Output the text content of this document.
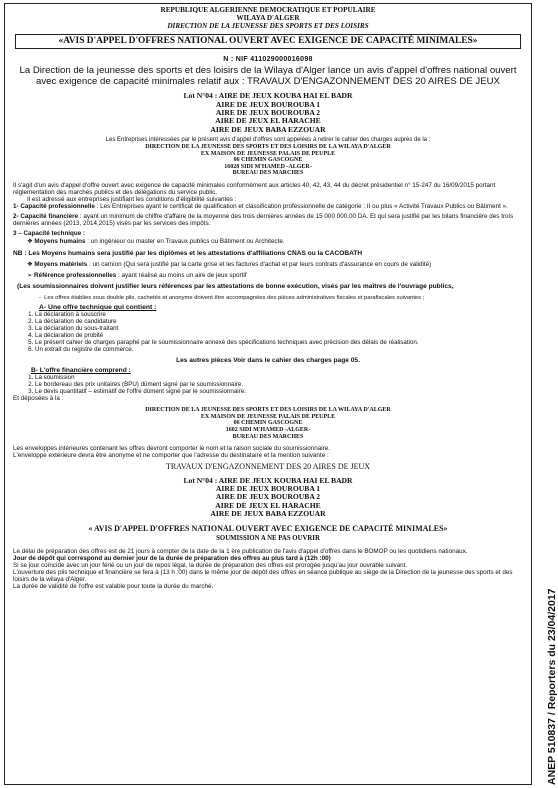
REPUBLIQUE ALGERIENNE DEMOCRATIQUE ET POPULAIRE
WILAYA D'ALGER
DIRECTION DE LA JEUNESSE DES SPORTS ET DES LOISIRS
«AVIS D'APPEL D'OFFRES NATIONAL OUVERT AVEC EXIGENCE DE CAPACITÉ MINIMALES»
N : NIF 411029000016098
La Direction de la jeunesse des sports et des loisirs de la Wilaya d'Alger lance un avis d'appel d'offres national ouvert avec exigence de capacité minimales relatif aux : TRAVAUX D'ENGAZONNEMENT DES 20 AIRES DE JEUX
Lot N°04 : AIRE DE JEUX KOUBA HAI EL BADR
AIRE DE JEUX BOUROUBA 1
AIRE DE JEUX BOUROUBA 2
AIRE DE JEUX EL HARACHE
AIRE DE JEUX BABA EZZOUAR
Les Entreprises intéressées par le présent avis d'appel d'offres sont appelées à retirer le cahier des charges auprès de la :
DIRECTION DE LA JEUNESSE DES SPORTS ET DES LOISIRS DE LA WILAYA D'ALGER
EX MAISON DE JEUNESSE PALAIS DE PEUPLE
06 CHEMIN GASCOGNE
16028 SIDI M'HAMED -ALGER-
BUREAU DES MARCHES
Il s'agit d'un avis d'appel d'offre ouvert avec exigence de capacité minimales conformément aux articles 40, 42, 43, 44 du décret présidentiel n° 15-247 du 16/09/2015 portant réglementation des marchés publics et des délégations du service public.
Il est adressé aux entreprises justifiant les conditions d'éligibilité suivantes :
1- Capacité professionnelle : Les Entreprises ayant le certificat de qualification et classification professionnelle de catégorie : II ou plus « Activité Travaux Publics ou Bâtiment ».
2- Capacité financière : ayant un minimum de chiffre d'affaire de la moyenne des trois dernières années de 15 000 000,00 DA. Et qui sera justifié par les bilans financière des trois dernières années (2013, 2014,2015) visés par les services des impôts.
3 – Capacité technique :
❖ Moyens humains : un ingénieur ou master en Travaux publics ou Bâtiment ou Architecte.
NB : Les Moyens humains sera justifié par les diplômes et les attestations d'affiliations CNAS ou la CACOBATH
❖ Moyens matériels : un camion (Qui sera justifié par la carte grise et les factures d'achat et par leurs contrats d'assurance en cours de validité)
➢ Référence professionnelles : ayant réalisé au moins un aire de jeux sportif
(Les soumissionnaires doivent justifier leurs références par les attestations de bonne exécution, visés par les maîtres de l'ouvrage publics,
-  Les offres établies sous double plis, cachetés et anonyme doivent être accompagnées des pièces administratives fiscales et parafiscales suivantes ;
A- Une offre technique qui contient :
1. La déclaration à souscrire
2. La déclaration de candidature
3. La déclaration du sous-traitant
4. La déclaration de probité
5. Le présent cahier de charges paraphé par le soumissionnaire annexé des spécifications techniques avec précision des délais de réalisation.
6. Un extrait du registre de commerce.
Les autres pièces Voir dans le cahier des charges page 05.
B- L'offre financière comprend :
1. La soumission
2. Le bordereau des prix unitaires (BPU) dûment signé par le soumissionnaire.
3. Le devis quantitatif – estimatif de l'offre dûment signé par le soumissionnaire.
Et déposées à la :
DIRECTION DE LA JEUNESSE DES SPORTS ET DES LOISIRS DE LA WILAYA D'ALGER
EX MAISON DE JEUNESSE PALAIS DE PEUPLE
06 CHEMIN GASCOGNE
1602 SIDI M'HAMED -ALGER-
BUREAU DES MARCHES
Les enveloppes intérieures contenant les offres devront comporter le nom et la raison sociale du soumissionnaire.
L'enveloppe extérieure devra être anonyme et ne comporter que l'adresse du destinataire et la mention suivante :
TRAVAUX D'ENGAZONNEMENT DES 20 AIRES DE JEUX
Lot N°04 : AIRE DE JEUX KOUBA HAI EL BADR
AIRE DE JEUX BOUROUBA 1
AIRE DE JEUX BOUROUBA 2
AIRE DE JEUX EL HARACHE
AIRE DE JEUX BABA EZZOUAR
« AVIS D'APPEL D'OFFRES NATIONAL OUVERT AVEC EXIGENCE DE CAPACITÉ MINIMALES»
SOUMISSION A NE PAS OUVRIR
Le délai de préparation des offres est de 21 jours à compter de la date de la 1 ère publication de l'avis d'appel d'offres dans le BOMOP ou les quotidiens nationaux.
Jour de dépôt qui correspond au dernier jour de la durée de préparation des offres au plus tard à (12h :00)
Si se jour coïncide avec un jour férié ou un jour de repos légal, la durée de préparation des offres est prorogée jusqu'au jour ouvrable suivant.
L'ouverture des plis technique et financière se fera à (13 h :00) dans le même jour de dépôt des offres en séance publique au siège de la Direction de la jeunesse des sports et des loisirs de la wilaya d'Alger.
La durée de validité de l'offre est valable pour toute la durée du marché.
ANEP 510837 / Reporters du 23/04/2017
